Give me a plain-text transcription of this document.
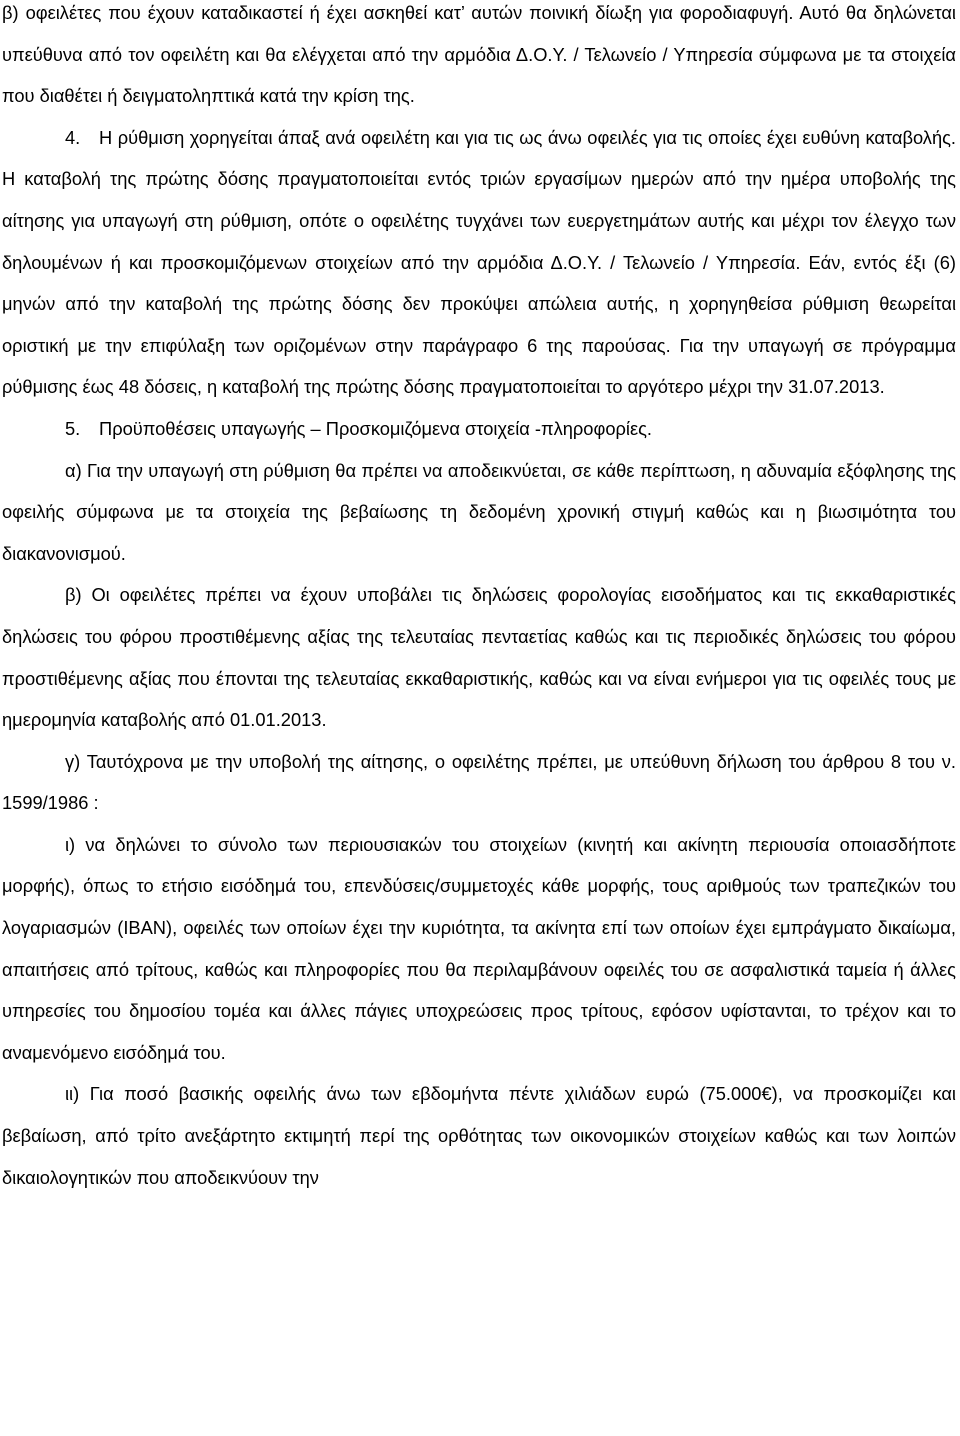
β) οφειλέτες που έχουν καταδικαστεί ή έχει ασκηθεί κατ’ αυτών ποινική δίωξη για φοροδιαφυγή. Αυτό θα δηλώνεται υπεύθυνα από τον οφειλέτη και θα ελέγχεται από την αρμόδια Δ.Ο.Υ. / Τελωνείο / Υπηρεσία σύμφωνα με τα στοιχεία που διαθέτει ή δειγματοληπτικά κατά την κρίση της.

4. Η ρύθμιση χορηγείται άπαξ ανά οφειλέτη και για τις ως άνω οφειλές για τις οποίες έχει ευθύνη καταβολής. Η καταβολή της πρώτης δόσης πραγματοποιείται εντός τριών εργασίμων ημερών από την ημέρα υποβολής της αίτησης για υπαγωγή στη ρύθμιση, οπότε ο οφειλέτης τυγχάνει των ευεργετημάτων αυτής και μέχρι τον έλεγχο των δηλουμένων ή και προσκομιζόμενων στοιχείων από την αρμόδια Δ.Ο.Υ. / Τελωνείο / Υπηρεσία. Εάν, εντός έξι (6) μηνών από την καταβολή της πρώτης δόσης δεν προκύψει απώλεια αυτής, η χορηγηθείσα ρύθμιση θεωρείται οριστική με την επιφύλαξη των οριζομένων στην παράγραφο 6 της παρούσας. Για την υπαγωγή σε πρόγραμμα ρύθμισης έως 48 δόσεις, η καταβολή της πρώτης δόσης πραγματοποιείται το αργότερο μέχρι την 31.07.2013.

5. Προϋποθέσεις υπαγωγής – Προσκομιζόμενα στοιχεία -πληροφορίες.

α) Για την υπαγωγή στη ρύθμιση θα πρέπει να αποδεικνύεται, σε κάθε περίπτωση, η αδυναμία εξόφλησης της οφειλής σύμφωνα με τα στοιχεία της βεβαίωσης τη δεδομένη χρονική στιγμή καθώς και η βιωσιμότητα του διακανονισμού.

β) Οι οφειλέτες πρέπει να έχουν υποβάλει τις δηλώσεις φορολογίας εισοδήματος και τις εκκαθαριστικές δηλώσεις του φόρου προστιθέμενης αξίας της τελευταίας πενταετίας καθώς και τις περιοδικές δηλώσεις του φόρου προστιθέμενης αξίας που έπονται της τελευταίας εκκαθαριστικής, καθώς και να είναι ενήμεροι για τις οφειλές τους με ημερομηνία καταβολής από 01.01.2013.

γ) Ταυτόχρονα με την υποβολή της αίτησης, ο οφειλέτης πρέπει, με υπεύθυνη δήλωση του άρθρου 8 του ν. 1599/1986 :

ι) να δηλώνει το σύνολο των περιουσιακών του στοιχείων (κινητή και ακίνητη περιουσία οποιασδήποτε μορφής), όπως το ετήσιο εισόδημά του, επενδύσεις/συμμετοχές κάθε μορφής, τους αριθμούς των τραπεζικών του λογαριασμών (IBAN), οφειλές των οποίων έχει την κυριότητα, τα ακίνητα επί των οποίων έχει εμπράγματο δικαίωμα, απαιτήσεις από τρίτους, καθώς και πληροφορίες που θα περιλαμβάνουν οφειλές του σε ασφαλιστικά ταμεία ή άλλες υπηρεσίες του δημοσίου τομέα και άλλες πάγιες υποχρεώσεις προς τρίτους, εφόσον υφίστανται, το τρέχον και το αναμενόμενο εισόδημά του.

ιι) Για ποσό βασικής οφειλής άνω των εβδομήντα πέντε χιλιάδων ευρώ (75.000€), να προσκομίζει και βεβαίωση, από τρίτο ανεξάρτητο εκτιμητή περί της ορθότητας των οικονομικών στοιχείων καθώς και των λοιπών δικαιολογητικών που αποδεικνύουν την
